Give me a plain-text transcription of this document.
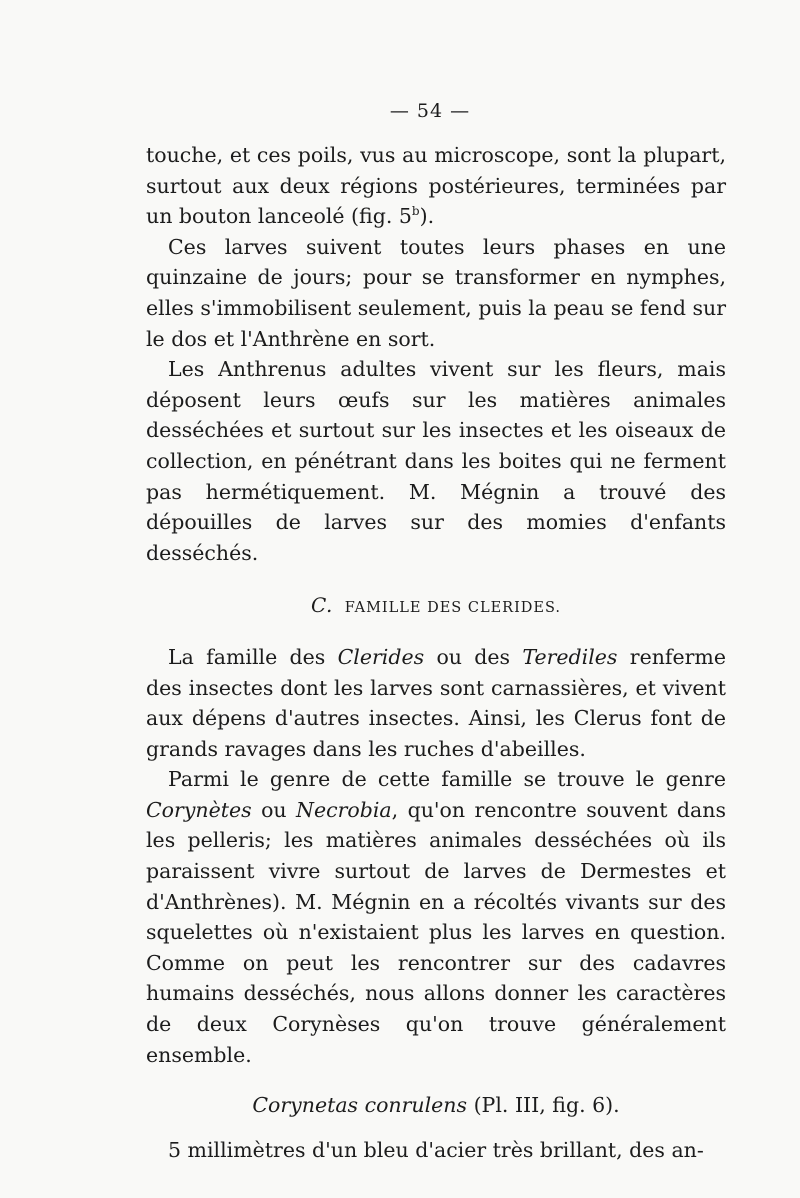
— 54 —

touche, et ces poils, vus au microscope, sont la plupart, surtout aux deux régions postérieures, terminées par un bouton lanceolé (fig. 5$^b$).

Ces larves suivent toutes leurs phases en une quinzaine de jours; pour se transformer en nymphes, elles s'immobilisent seulement, puis la peau se fend sur le dos et l'Anthrène en sort.

Les Anthrenus adultes vivent sur les fleurs, mais déposent leurs œufs sur les matières animales desséchées et surtout sur les insectes et les oiseaux de collection, en pénétrant dans les boites qui ne ferment pas hermétiquement. M. Mégnin a trouvé des dépouilles de larves sur des momies d'enfants desséchés.

C. FAMILLE DES CLERIDES.

La famille des Clerides ou des Terediles renferme des insectes dont les larves sont carnassières, et vivent aux dépens d'autres insectes. Ainsi, les Clerus font de grands ravages dans les ruches d'abeilles.

Parmi le genre de cette famille se trouve le genre Corynètes ou Necrobia, qu'on rencontre souvent dans les pelleris; les matières animales desséchées où ils paraissent vivre surtout de larves de Dermestes et d'Anthrènes). M. Mégnin en a récoltés vivants sur des squelettes où n'existaient plus les larves en question. Comme on peut les rencontrer sur des cadavres humains desséchés, nous allons donner les caractères de deux Corynèses qu'on trouve généralement ensemble.

Corynetas conrulens (Pl. III, fig. 6).

5 millimètres d'un bleu d'acier très brillant, des an-
